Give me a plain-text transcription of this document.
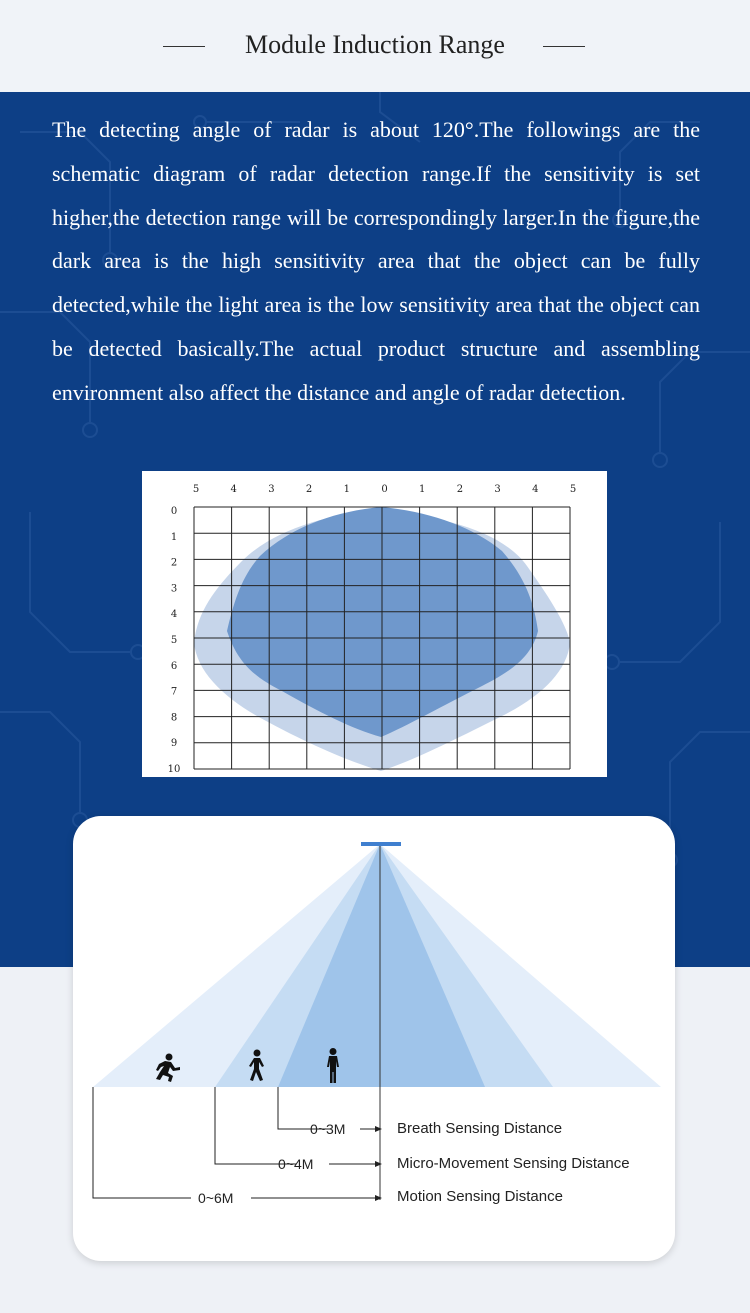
Module Induction Range
The detecting angle of radar is about 120°.The followings are the schematic diagram of radar detection range.If the sensitivity is set higher,the detection range will be correspondingly larger.In the figure,the dark area is the high sensitivity area that the object can be fully detected,while the light area is the low sensitivity area that the object can be detected basically.The actual product structure and assembling environment also affect the distance and angle of radar detection.
5	4	3	2	1	0	1	2	3	4	5
0
1
2
3
4
5
6
7
8
9
10
0~3M
0~4M
0~6M
Breath Sensing Distance
Micro-Movement Sensing Distance
Motion Sensing Distance
